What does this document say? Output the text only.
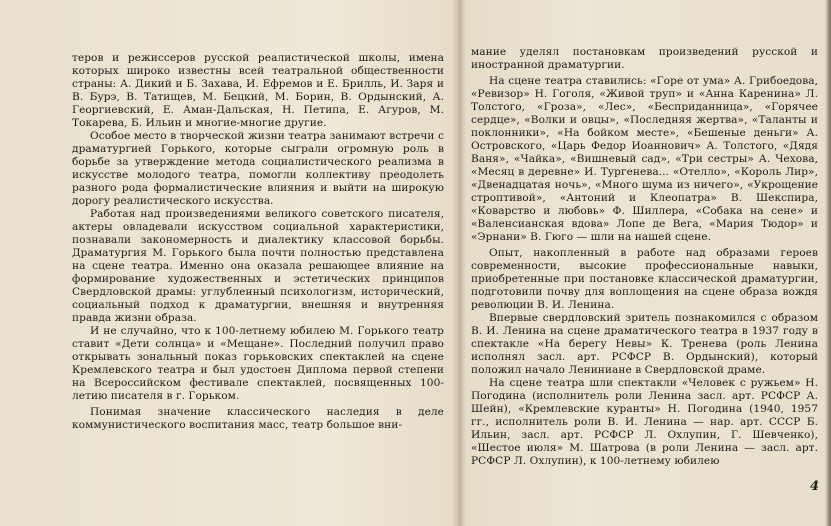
теров и режиссеров русской реалистической школы, имена которых широко известны всей театральной общественности страны: А. Дикий и Б. Захава, И. Ефремов и Е. Брилль, И. Заря и В. Бурэ, В. Татищев, М. Бецкий, М. Борин, В. Ордынский, А. Георгиевский, Е. Аман-Дальская, Н. Петипа, Е. Агуров, М. Токарева, Б. Ильин и многие-многие другие.

Особое место в творческой жизни театра занимают встречи с драматургией Горького, которые сыграли огромную роль в борьбе за утверждение метода социалистического реализма в искусстве молодого театра, помогли коллективу преодолеть разного рода формалистические влияния и выйти на широкую дорогу реалистического искусства.

Работая над произведениями великого советского писателя, актеры овладевали искусством социальной характеристики, познавали закономерность и диалектику классовой борьбы. Драматургия М. Горького была почти полностью представлена на сцене театра. Именно она оказала решающее влияние на формирование художественных и эстетических принципов Свердловской драмы: углубленный психологизм, исторический, социальный подход к драматургии, внешняя и внутренняя правда жизни образа.

И не случайно, что к 100-летнему юбилею М. Горького театр ставит «Дети солнца» и «Мещане». Последний получил право открывать зональный показ горьковских спектаклей на сцене Кремлевского театра и был удостоен Диплома первой степени на Всероссийском фестивале спектаклей, посвященных 100-летию писателя в г. Горьком.

Понимая значение классического наследия в деле коммунистического воспитания масс, театр большое вни-

мание уделял постановкам произведений русской и иностранной драматургии.

На сцене театра ставились: «Горе от ума» А. Грибоедова, «Ревизор» Н. Гоголя, «Живой труп» и «Анна Каренина» Л. Толстого, «Гроза», «Лес», «Бесприданница», «Горячее сердце», «Волки и овцы», «Последняя жертва», «Таланты и поклонники», «На бойком месте», «Бешеные деньги» А. Островского, «Царь Федор Иоаннович» А. Толстого, «Дядя Ваня», «Чайка», «Вишневый сад», «Три сестры» А. Чехова, «Месяц в деревне» И. Тургенева... «Отелло», «Король Лир», «Двенадцатая ночь», «Много шума из ничего», «Укрощение строптивой», «Антоний и Клеопатра» В. Шекспира, «Коварство и любовь» Ф. Шиллера, «Собака на сене» и «Валенсианская вдова» Лопе де Вега, «Мария Тюдор» и «Эрнани» В. Гюго — шли на нашей сцене.

Опыт, накопленный в работе над образами героев современности, высокие профессиональные навыки, приобретенные при постановке классической драматургии, подготовили почву для воплощения на сцене образа вождя революции В. И. Ленина.

Впервые свердловский зритель познакомился с образом В. И. Ленина на сцене драматического театра в 1937 году в спектакле «На берегу Невы» К. Тренева (роль Ленина исполнял засл. арт. РСФСР В. Ордынский), который положил начало Лениниане в Свердловской драме.

На сцене театра шли спектакли «Человек с ружьем» Н. Погодина (исполнитель роли Ленина засл. арт. РСФСР А. Шейн), «Кремлевские куранты» Н. Погодина (1940, 1957 гг., исполнитель роли В. И. Ленина — нар. арт. СССР Б. Ильин, засл. арт. РСФСР Л. Охлупин, Г. Шевченко), «Шестое июля» М. Шатрова (в роли Ленина — засл. арт. РСФСР Л. Охлупин), к 100-летнему юбилею

4
